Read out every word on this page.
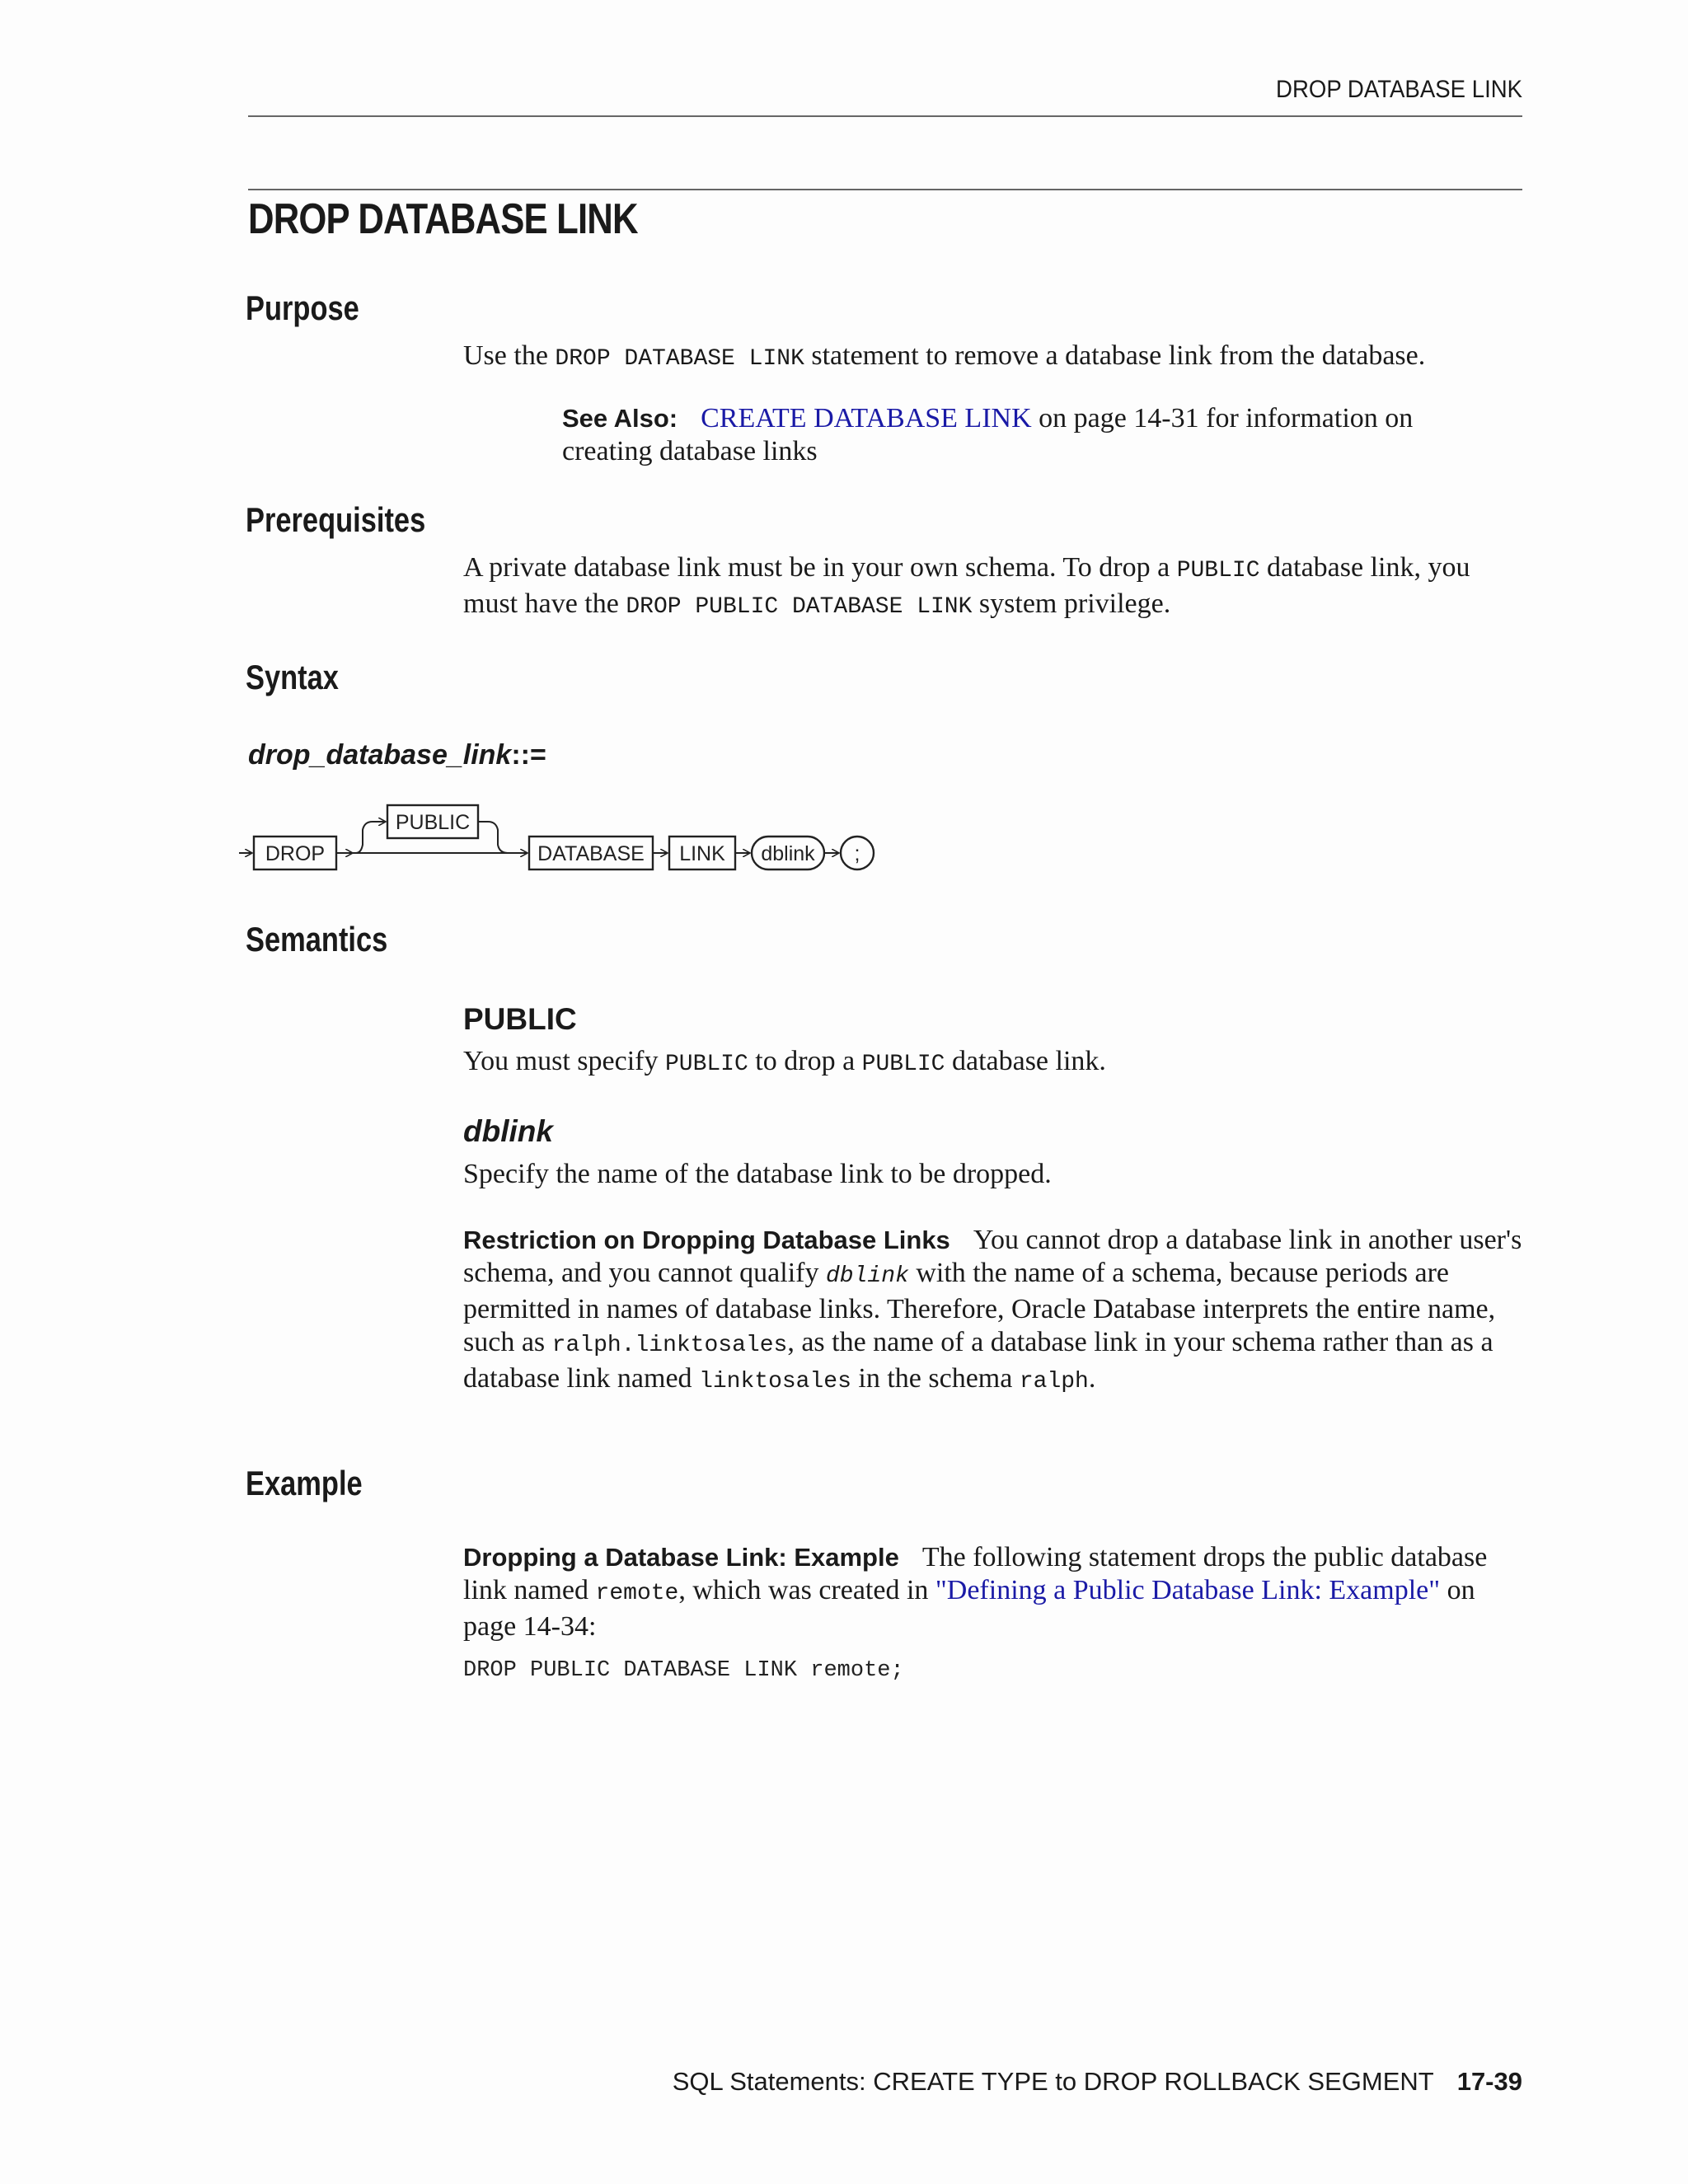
DROP DATABASE LINK
DROP DATABASE LINK
Purpose

Use the DROP DATABASE LINK statement to remove a database link from the database.

See Also: CREATE DATABASE LINK on page 14-31 for information on creating database links

Prerequisites

A private database link must be in your own schema. To drop a PUBLIC database link, you must have the DROP PUBLIC DATABASE LINK system privilege.

Syntax
drop_database_link::=
DROP
PUBLIC
DATABASE LINK dblink ;
Semantics
PUBLIC

You must specify PUBLIC to drop a PUBLIC database link.

dblink

Specify the name of the database link to be dropped.

Restriction on Dropping Database Links You cannot drop a database link in another user's schema, and you cannot qualify dblink with the name of a schema, because periods are permitted in names of database links. Therefore, Oracle Database interprets the entire name, such as ralph.linktosales, as the name of a database link in your schema rather than as a database link named linktosales in the schema ralph.

Example

Dropping a Database Link: Example The following statement drops the public database link named remote, which was created in "Defining a Public Database Link: Example" on page 14-34:

DROP PUBLIC DATABASE LINK remote;
SQL Statements: CREATE TYPE to DROP ROLLBACK SEGMENT 17-39
